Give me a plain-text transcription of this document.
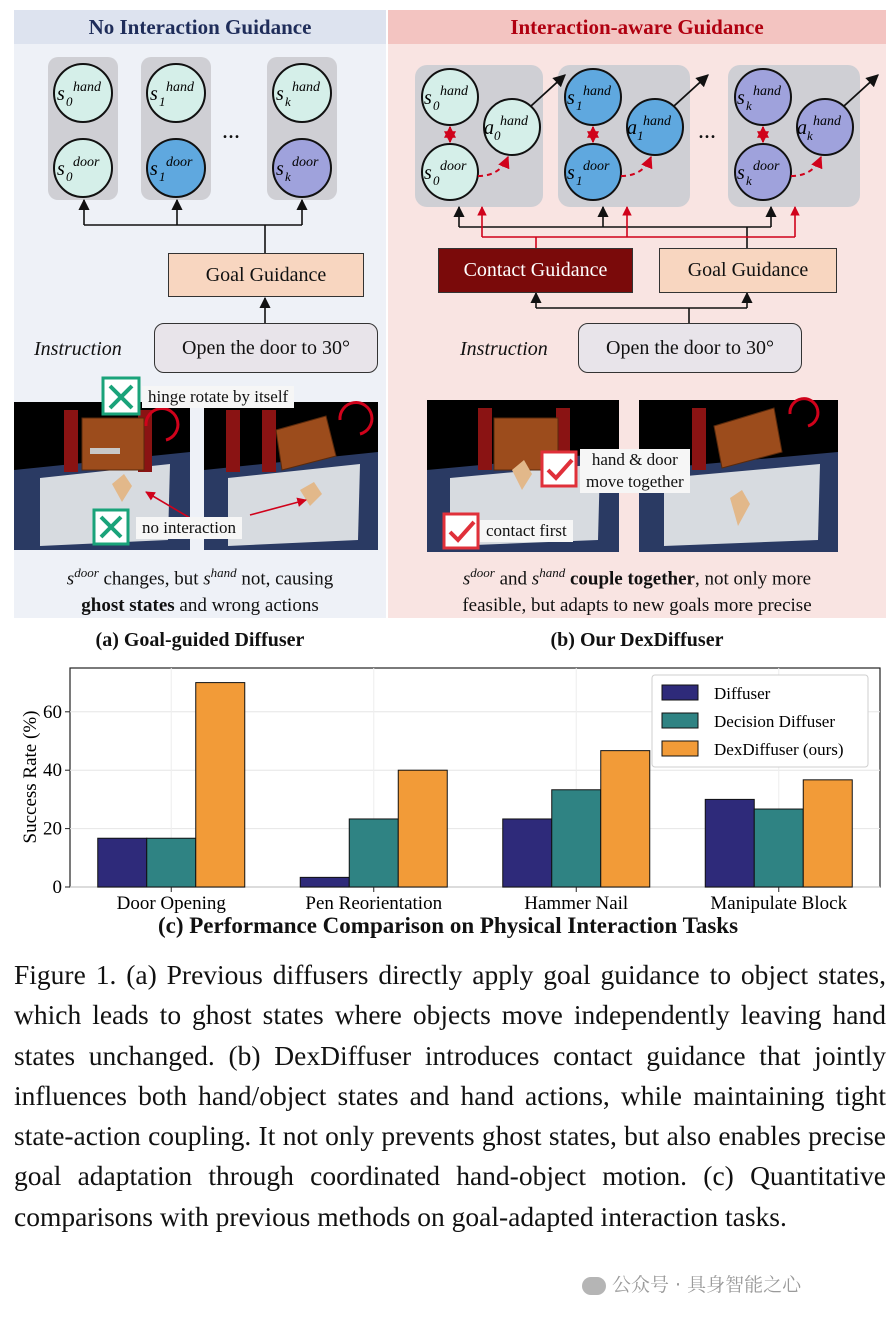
No Interaction Guidance	Interaction-aware Guidance
s 0
hand
s 0
door
s 1
hand
s 1
door
s k
hand
s k
door
s 0
hand
s 0
door
a 0
hand
s 1
hand
s 1
door
a 1
hand
s k
hand
s k
door
a k
hand
...	...
Goal Guidance
Instruction	Open the door to 30°
Contact Guidance	Goal Guidance
Instruction	Open the door to 30°
hinge rotate by itself
no interaction
hand & door
move together
contact first
$s^{door}$ changes, but $s^{hand}$ not, causing
ghost states and wrong actions
$s^{door}$ and $s^{hand}$ couple together, not only more
feasible, but adapts to new goals more precise
(a) Goal-guided Diffuser	(b) Our DexDiffuser
0
20
40
60
Door Opening	Pen Reorientation	Hammer Nail	Manipulate Block
Success Rate (%)
Diffuser
Decision Diffuser
DexDiffuser (ours)
(c) Performance Comparison on Physical Interaction Tasks
Figure 1. (a) Previous diffusers directly apply goal guidance to object states, which leads to ghost states where objects move independently leaving hand states unchanged. (b) DexDiffuser introduces contact guidance that jointly influences both hand/object states and hand actions, while maintaining tight state-action coupling. It not only prevents ghost states, but also enables precise goal adaptation through coordinated hand-object motion. (c) Quantitative comparisons with previous methods on goal-adapted interaction tasks.
公众号 · 具身智能之心
